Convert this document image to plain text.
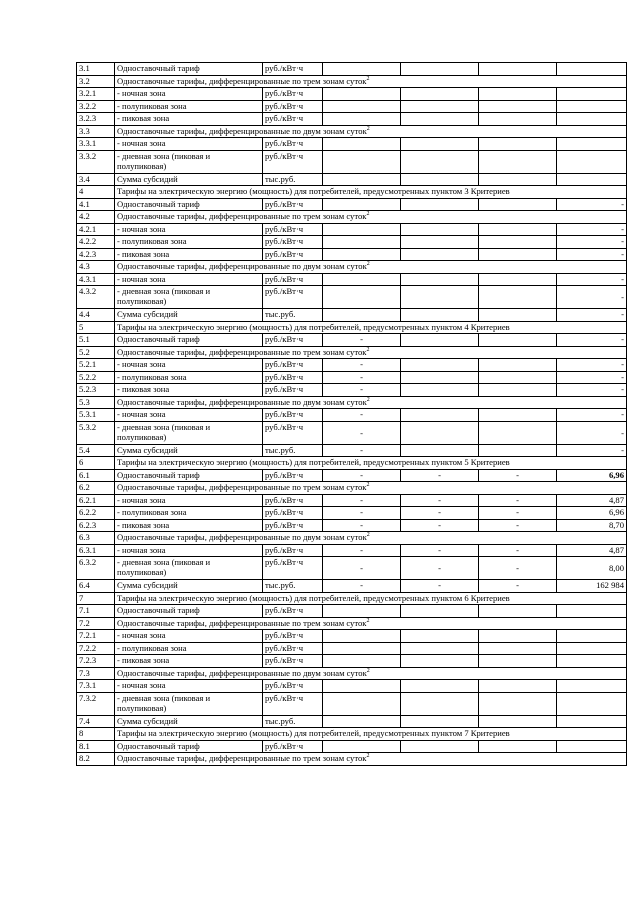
3.1	Одноставочный тариф	руб./кВт·ч				
3.2	Одноставочные тарифы, дифференцированные по трем зонам суток$^2$
3.2.1	- ночная зона	руб./кВт·ч				
3.2.2	- полупиковая зона	руб./кВт·ч				
3.2.3	- пиковая зона	руб./кВт·ч				
3.3	Одноставочные тарифы, дифференцированные по двум зонам суток$^2$
3.3.1	- ночная зона	руб./кВт·ч				
3.3.2	- дневная зона (пиковая и полупиковая)	руб./кВт·ч				
3.4	Сумма субсидий	тыс.руб.				
4	Тарифы на электрическую энергию (мощность) для потребителей, предусмотренных пунктом 3 Критериев					
4.1	Одноставочный тариф	руб./кВт·ч				-
4.2	Одноставочные тарифы, дифференцированные по трем зонам суток$^2$
4.2.1	- ночная зона	руб./кВт·ч				-
4.2.2	- полупиковая зона	руб./кВт·ч				-
4.2.3	- пиковая зона	руб./кВт·ч				-
4.3	Одноставочные тарифы, дифференцированные по двум зонам суток$^2$
4.3.1	- ночная зона	руб./кВт·ч				-
4.3.2	- дневная зона (пиковая и полупиковая)	руб./кВт·ч				-
4.4	Сумма субсидий	тыс.руб.				-
5	Тарифы на электрическую энергию (мощность) для потребителей, предусмотренных пунктом 4 Критериев					
5.1	Одноставочный тариф	руб./кВт·ч	-			-
5.2	Одноставочные тарифы, дифференцированные по трем зонам суток$^2$
5.2.1	- ночная зона	руб./кВт·ч	-			-
5.2.2	- полупиковая зона	руб./кВт·ч	-			-
5.2.3	- пиковая зона	руб./кВт·ч	-			-
5.3	Одноставочные тарифы, дифференцированные по двум зонам суток$^2$
5.3.1	- ночная зона	руб./кВт·ч	-			-
5.3.2	- дневная зона (пиковая и полупиковая)	руб./кВт·ч	-			-
5.4	Сумма субсидий	тыс.руб.	-			-
6	Тарифы на электрическую энергию (мощность) для потребителей, предусмотренных пунктом 5 Критериев					
6.1	Одноставочный тариф	руб./кВт·ч	-	-	-	6,96
6.2	Одноставочные тарифы, дифференцированные по трем зонам суток$^2$
6.2.1	- ночная зона	руб./кВт·ч	-	-	-	4,87
6.2.2	- полупиковая зона	руб./кВт·ч	-	-	-	6,96
6.2.3	- пиковая зона	руб./кВт·ч	-	-	-	8,70
6.3	Одноставочные тарифы, дифференцированные по двум зонам суток$^2$
6.3.1	- ночная зона	руб./кВт·ч	-	-	-	4,87
6.3.2	- дневная зона (пиковая и полупиковая)	руб./кВт·ч	-	-	-	8,00
6.4	Сумма субсидий	тыс.руб.	-	-	-	162 984
7	Тарифы на электрическую энергию (мощность) для потребителей, предусмотренных пунктом 6 Критериев					
7.1	Одноставочный тариф	руб./кВт·ч				
7.2	Одноставочные тарифы, дифференцированные по трем зонам суток$^2$
7.2.1	- ночная зона	руб./кВт·ч				
7.2.2	- полупиковая зона	руб./кВт·ч				
7.2.3	- пиковая зона	руб./кВт·ч				
7.3	Одноставочные тарифы, дифференцированные по двум зонам суток$^2$
7.3.1	- ночная зона	руб./кВт·ч				
7.3.2	- дневная зона (пиковая и полупиковая)	руб./кВт·ч				
7.4	Сумма субсидий	тыс.руб.				
8	Тарифы на электрическую энергию (мощность) для потребителей, предусмотренных пунктом 7 Критериев					
8.1	Одноставочный тариф	руб./кВт·ч				
8.2	Одноставочные тарифы, дифференцированные по трем зонам суток$^2$
